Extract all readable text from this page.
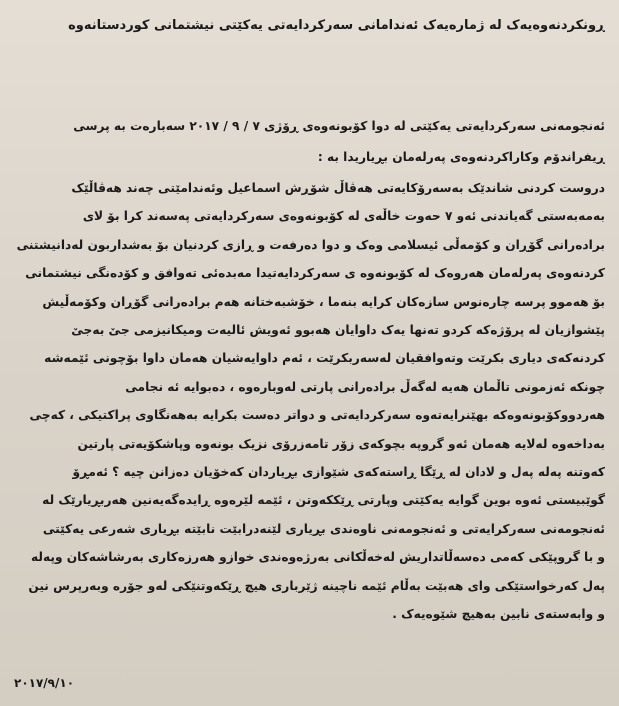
ڕونکردنەوەیەک لە ژمارەیەک ئەندامانی سەرکردایەتی یەکێتی نیشتمانی کوردستانەوە
ئەنجومەنی سەرکردایەتی یەکێتی لە دوا کۆبونەوەی ڕۆژی ٧ / ٩ / ٢٠١٧ سەبارەت بە پرسی
ڕیفراندۆم وکاراکردنەوەی پەرلەمان بڕیاریدا بە :
دروست کردنی شاندێک بەسەرۆکایەتی هەڤاڵ شۆڕش اسماعیل وئەندامێتی چەند هەڤاڵێک
بەمەبەستی گەیاندنی ئەو ٧ حەوت خاڵەی لە کۆبونەوەی سەرکردایەتی پەسەند کرا بۆ لای
برادەرانی گۆڕان و کۆمەڵی ئیسلامی وەک و دوا دەرفەت و ڕازی کردنیان بۆ بەشداربون لەدانیشتنی
کردنەوەی پەرلەمان هەروەک لە کۆبونەوە ی سەرکردایەتیدا مەبدەئی تەوافق و کۆدەنگی نیشتمانی
بۆ هەموو پرسە چارەنوس سازەکان کرایە بنەما ، خۆشبەختانە هەم برادەرانی گۆڕان وکۆمەڵیش
پێشوازیان لە پرۆژەکە کردو تەنها یەک داوایان هەبوو ئەویش ئالیەت ومیکانیزمی جێ بەجێ
کردنەکەی دیاری بکرێت وتەوافقیان لەسەربکرێت ، ئەم داوایەشیان هەمان داوا بۆچونی ئێمەشە
چونکە ئەزمونی تاڵمان هەیە لەگەڵ برادەرانی پارتی لەوبارەوە ، دەبوایە ئە نجامی
هەردووکۆبونەوەکە بهێنرایەتەوە سەرکردایەتی و دواتر دەست بکرایە بەهەنگاوی پراکتیکی ، کەچی
بەداخەوە لەلایە هەمان ئەو گروپە بچوکەی زۆر تامەزرۆی نزیک بونەوە وپاشکۆیەتی پارتین
کەوتنە پەلە پەل و لادان لە ڕێگا ڕاستەکەی شێوازی بڕیاردان کەخۆیان دەزانن چیە ؟ ئەمڕۆ
گوێبیستی ئەوە بوین گوایە یەکێتی وپارتی ڕێککەوتن ، ئێمە لێرەوە ڕایدەگەیەنین هەربڕیارێک لە
ئەنجومەنی سەرکرایەتی و ئەنجومەنی ناوەندی بڕیاری لێنەدرابێت نابێتە بڕیاری شەرعی یەکێتی
و با گروپێکی کەمی دەسەڵاتداریش لەخەڵکانی بەرژەوەندی خوازو هەرزەکاری بەرشاشەکان وپەلە
پەل کەرخواستێکی وای هەبێت بەڵام ئێمە ناچینە ژێرباری هیچ ڕێکەوتنێکی لەو جۆرە وبەرپرس نین
و وابەستەی نابین بەهیچ شێوەیەک .
٢٠١٧/٩/١٠
